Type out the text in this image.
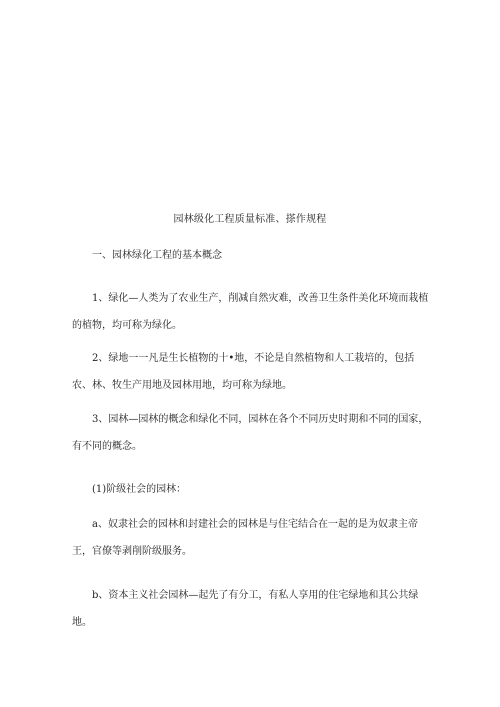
园林级化工程质量标准、搽作规程

一、园林绿化工程的基本概念

1、绿化—人类为了农业生产，削减自然灾难，改善卫生条件美化环境而栽植的植物，均可称为绿化。

2、绿地一一凡是生长植物的十•地，不论是自然植物和人工栽培的，包括农、林、牧生产用地及园林用地，均可称为绿地。

3、园林—园林的概念和绿化不同，园林在各个不同历史时期和不同的国家，有不同的概念。

(1)阶级社会的园林：

a、奴隶社会的园林和封建社会的园林是与住宅结合在一起的是为奴隶主帝王，官僚等剥削阶级服务。

b、资本主义社会园林—起先了有分工，有私人享用的住宅绿地和其公共绿地。
